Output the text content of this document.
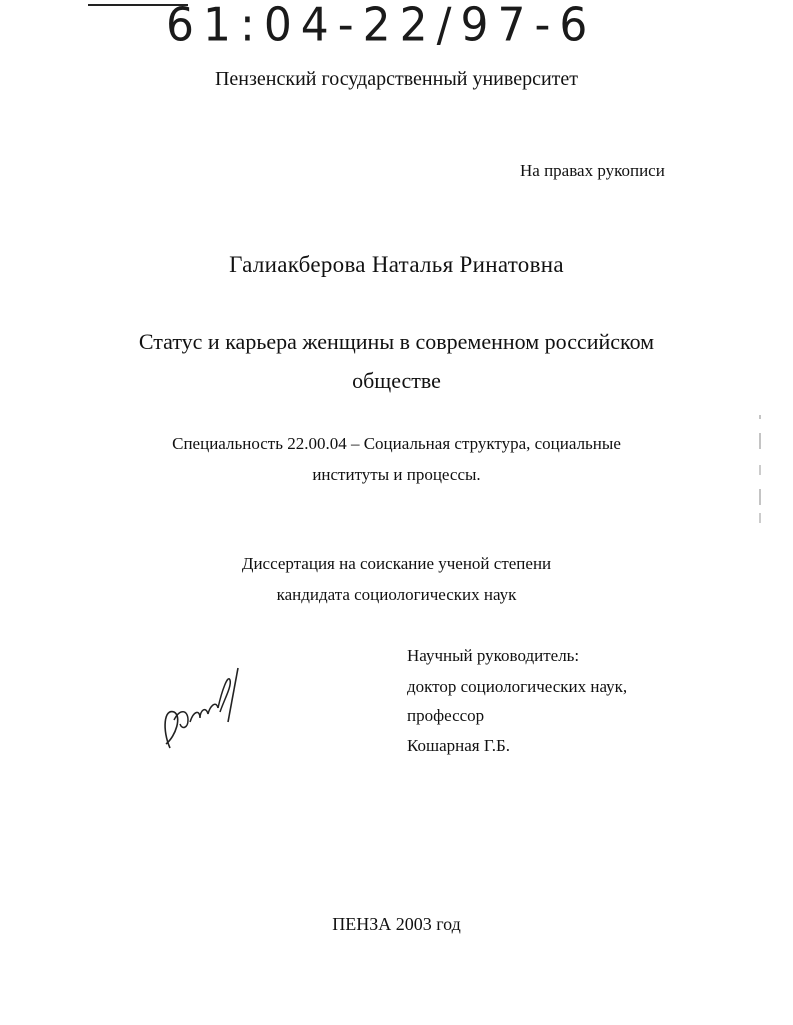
61:04-22/97-6
Пензенский государственный университет
На правах рукописи
Галиакберова Наталья Ринатовна
Статус и карьера женщины в современном российском
обществе
Специальность 22.00.04 – Социальная структура, социальные
институты и процессы.
Диссертация на соискание ученой степени
кандидата социологических наук
Научный руководитель:
доктор социологических наук,
профессор
Кошарная Г.Б.
ПЕНЗА 2003 год
